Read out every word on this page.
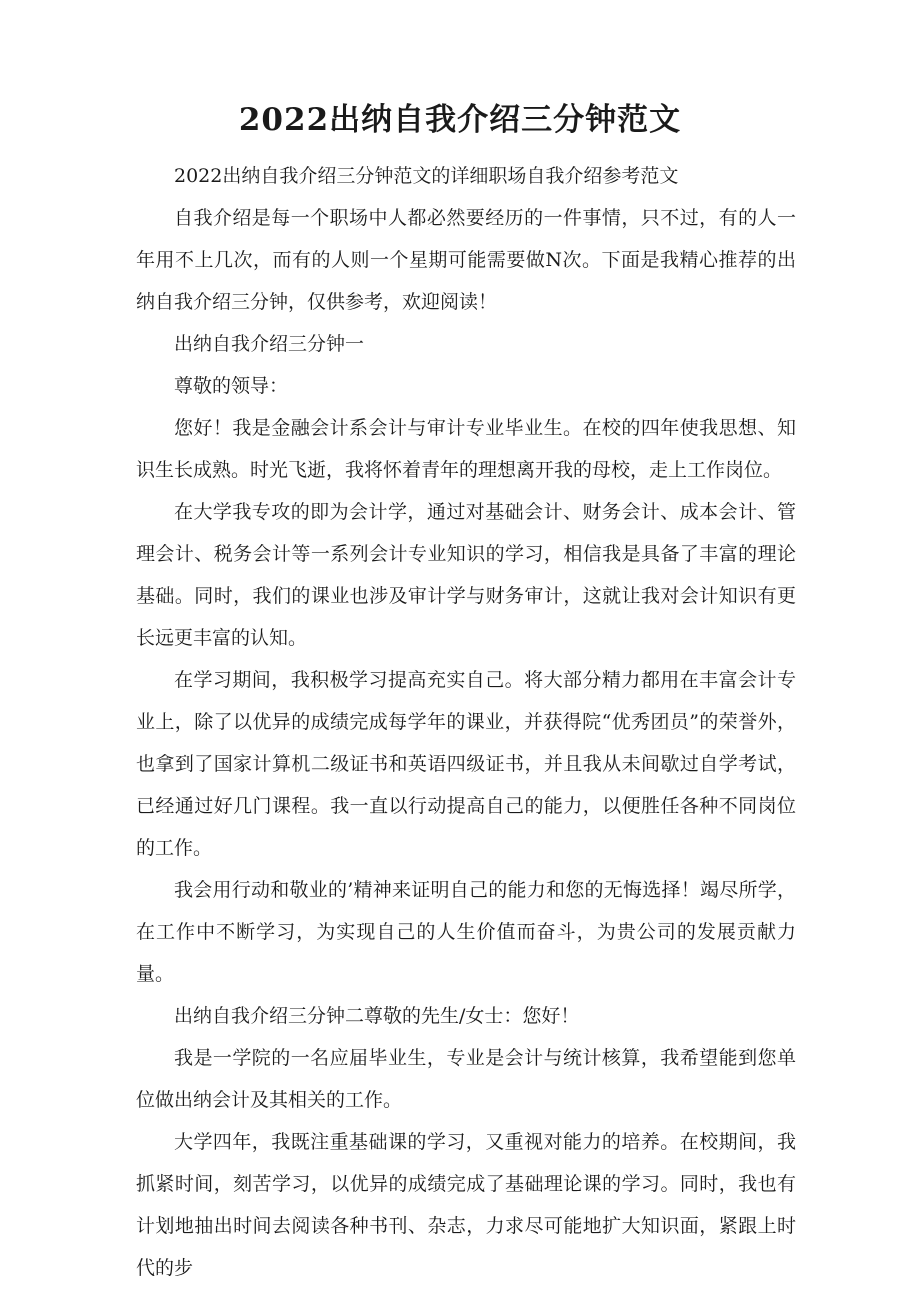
2022出纳自我介绍三分钟范文

2022出纳自我介绍三分钟范文的详细职场自我介绍参考范文

自我介绍是每一个职场中人都必然要经历的一件事情，只不过，有的人一年用不上几次，而有的人则一个星期可能需要做N次。下面是我精心推荐的出纳自我介绍三分钟，仅供参考，欢迎阅读！

出纳自我介绍三分钟一

尊敬的领导：

您好！我是金融会计系会计与审计专业毕业生。在校的四年使我思想、知识生长成熟。时光飞逝，我将怀着青年的理想离开我的母校，走上工作岗位。

在大学我专攻的即为会计学，通过对基础会计、财务会计、成本会计、管理会计、税务会计等一系列会计专业知识的学习，相信我是具备了丰富的理论基础。同时，我们的课业也涉及审计学与财务审计，这就让我对会计知识有更长远更丰富的认知。

在学习期间，我积极学习提高充实自己。将大部分精力都用在丰富会计专业上，除了以优异的成绩完成每学年的课业，并获得院“优秀团员”的荣誉外，也拿到了国家计算机二级证书和英语四级证书，并且我从未间歇过自学考试，已经通过好几门课程。我一直以行动提高自己的能力，以便胜任各种不同岗位的工作。

我会用行动和敬业的’精神来证明自己的能力和您的无悔选择！竭尽所学，在工作中不断学习，为实现自己的人生价值而奋斗，为贵公司的发展贡献力量。

出纳自我介绍三分钟二尊敬的先生/女士：您好！

我是一学院的一名应届毕业生，专业是会计与统计核算，我希望能到您单位做出纳会计及其相关的工作。

大学四年，我既注重基础课的学习，又重视对能力的培养。在校期间，我抓紧时间，刻苦学习，以优异的成绩完成了基础理论课的学习。同时，我也有计划地抽出时间去阅读各种书刊、杂志，力求尽可能地扩大知识面，紧跟上时代的步
